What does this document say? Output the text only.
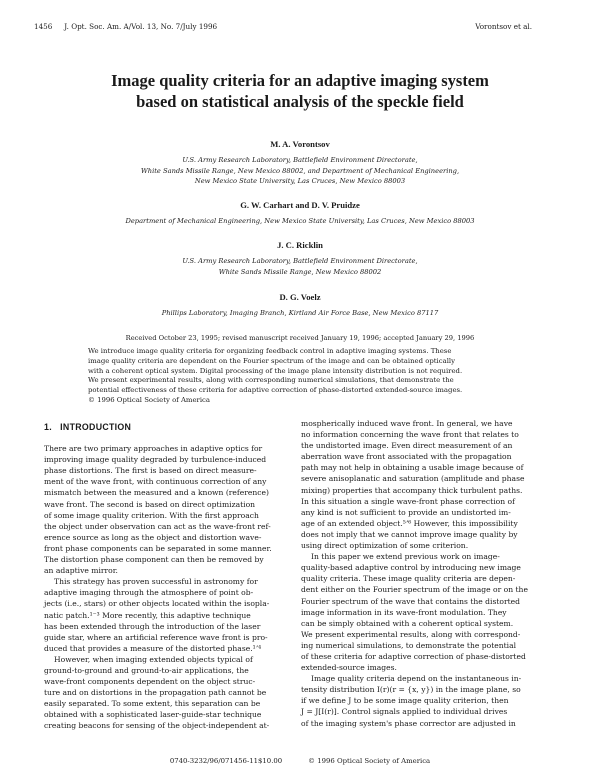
1456 J. Opt. Soc. Am. A/Vol. 13, No. 7/July 1996	Vorontsov et al.
Image quality criteria for an adaptive imaging system
based on statistical analysis of the speckle field
M. A. Vorontsov
U.S. Army Research Laboratory, Battlefield Environment Directorate,
White Sands Missile Range, New Mexico 88002, and Department of Mechanical Engineering,
New Mexico State University, Las Cruces, New Mexico 88003
G. W. Carhart and D. V. Pruidze
Department of Mechanical Engineering, New Mexico State University, Las Cruces, New Mexico 88003
J. C. Ricklin
U.S. Army Research Laboratory, Battlefield Environment Directorate,
White Sands Missile Range, New Mexico 88002
D. G. Voelz
Phillips Laboratory, Imaging Branch, Kirtland Air Force Base, New Mexico 87117
Received October 23, 1995; revised manuscript received January 19, 1996; accepted January 29, 1996
We introduce image quality criteria for organizing feedback control in adaptive imaging systems. These
image quality criteria are dependent on the Fourier spectrum of the image and can be obtained optically
with a coherent optical system. Digital processing of the image plane intensity distribution is not required.
We present experimental results, along with corresponding numerical simulations, that demonstrate the
potential effectiveness of these criteria for adaptive correction of phase-distorted extended-source images.
© 1996 Optical Society of America
1. INTRODUCTION
There are two primary approaches in adaptive optics for
improving image quality degraded by turbulence-induced
phase distortions. The first is based on direct measure-
ment of the wave front, with continuous correction of any
mismatch between the measured and a known (reference)
wave front. The second is based on direct optimization
of some image quality criterion. With the first approach
the object under observation can act as the wave-front ref-
erence source as long as the object and distortion wave-
front phase components can be separated in some manner.
The distortion phase component can then be removed by
an adaptive mirror.
This strategy has proven successful in astronomy for
adaptive imaging through the atmosphere of point ob-
jects (i.e., stars) or other objects located within the isopla-
natic patch.¹⁻³ More recently, this adaptive technique
has been extended through the introduction of the laser
guide star, where an artificial reference wave front is pro-
duced that provides a measure of the distorted phase.¹ʼ⁴
However, when imaging extended objects typical of
ground-to-ground and ground-to-air applications, the
wave-front components dependent on the object struc-
ture and on distortions in the propagation path cannot be
easily separated. To some extent, this separation can be
obtained with a sophisticated laser-guide-star technique
creating beacons for sensing of the object-independent at-
mospherically induced wave front. In general, we have
no information concerning the wave front that relates to
the undistorted image. Even direct measurement of an
aberration wave front associated with the propagation
path may not help in obtaining a usable image because of
severe anisoplanatic and saturation (amplitude and phase
mixing) properties that accompany thick turbulent paths.
In this situation a single wave-front phase correction of
any kind is not sufficient to provide an undistorted im-
age of an extended object.⁵ʼ⁶ However, this impossibility
does not imply that we cannot improve image quality by
using direct optimization of some criterion.
In this paper we extend previous work on image-
quality-based adaptive control by introducing new image
quality criteria. These image quality criteria are depen-
dent either on the Fourier spectrum of the image or on the
Fourier spectrum of the wave that contains the distorted
image information in its wave-front modulation. They
can be simply obtained with a coherent optical system.
We present experimental results, along with correspond-
ing numerical simulations, to demonstrate the potential
of these criteria for adaptive correction of phase-distorted
extended-source images.
Image quality criteria depend on the instantaneous in-
tensity distribution I(r)(r = {x, y}) in the image plane, so
if we define J to be some image quality criterion, then
J = J[I(r)]. Control signals applied to individual drives
of the imaging system's phase corrector are adjusted in
0740-3232/96/071456-11$10.00	© 1996 Optical Society of America
